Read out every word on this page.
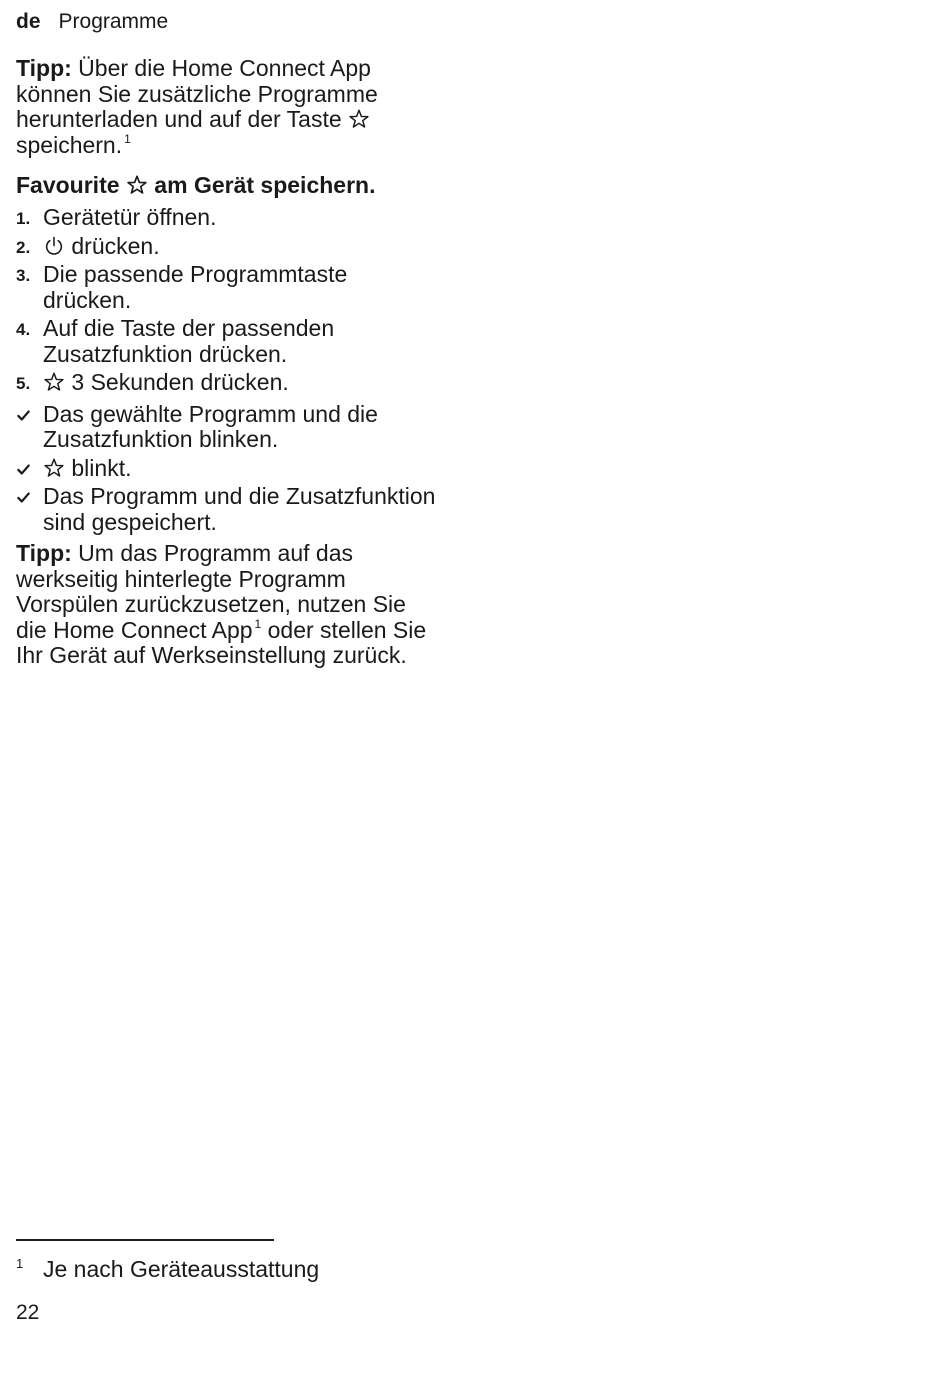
de Programme

Tipp: Über die Home Connect App können Sie zusätzliche Programme herunterladen und auf der Taste
speichern. $^1$

Favourite
am Gerät speichern.
1. Gerätetür öffnen.
2. drücken.
3. Die passende Programmtaste drücken.
4. Auf die Taste der passenden Zusatzfunktion drücken.
5. 3 Sekunden drücken.
Das gewählte Programm und die Zusatzfunktion blinken.
blinkt.
Das Programm und die Zusatzfunktion sind gespeichert.

Tipp: Um das Programm auf das werkseitig hinterlegte Programm Vorspülen zurückzusetzen, nutzen Sie die Home Connect App $^1$ oder stellen Sie Ihr Gerät auf Werkseinstellung zurück.

1 Je nach Geräteausstattung
22
